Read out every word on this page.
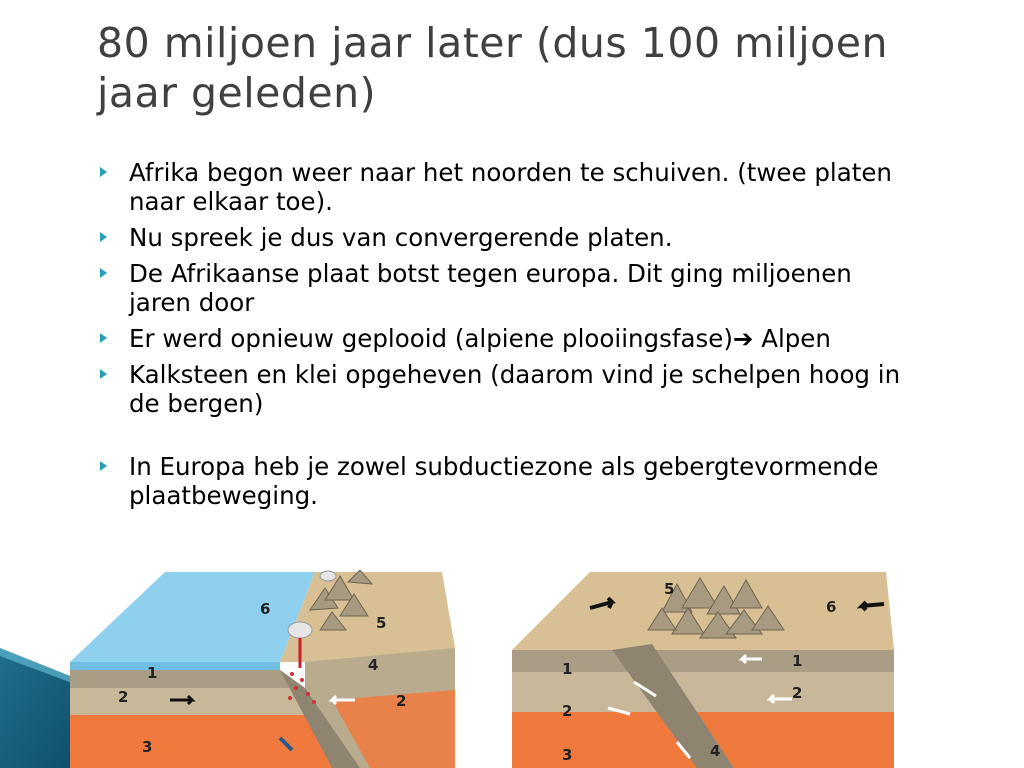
80 miljoen jaar later (dus 100 miljoen jaar geleden)
Afrika begon weer naar het noorden te schuiven. (twee platen naar elkaar toe).
Nu spreek je dus van convergerende platen.
De Afrikaanse plaat botst tegen europa. Dit ging miljoenen jaren door
Er werd opnieuw geplooid (alpiene plooiingsfase)➔ Alpen
Kalksteen en klei opgeheven (daarom vind je schelpen hoog in de bergen)
In Europa heb je zowel subductiezone als gebergtevormende plaatbeweging.
6
5
4
1
2	2
3
5
6
1	1
2
2
3	4
